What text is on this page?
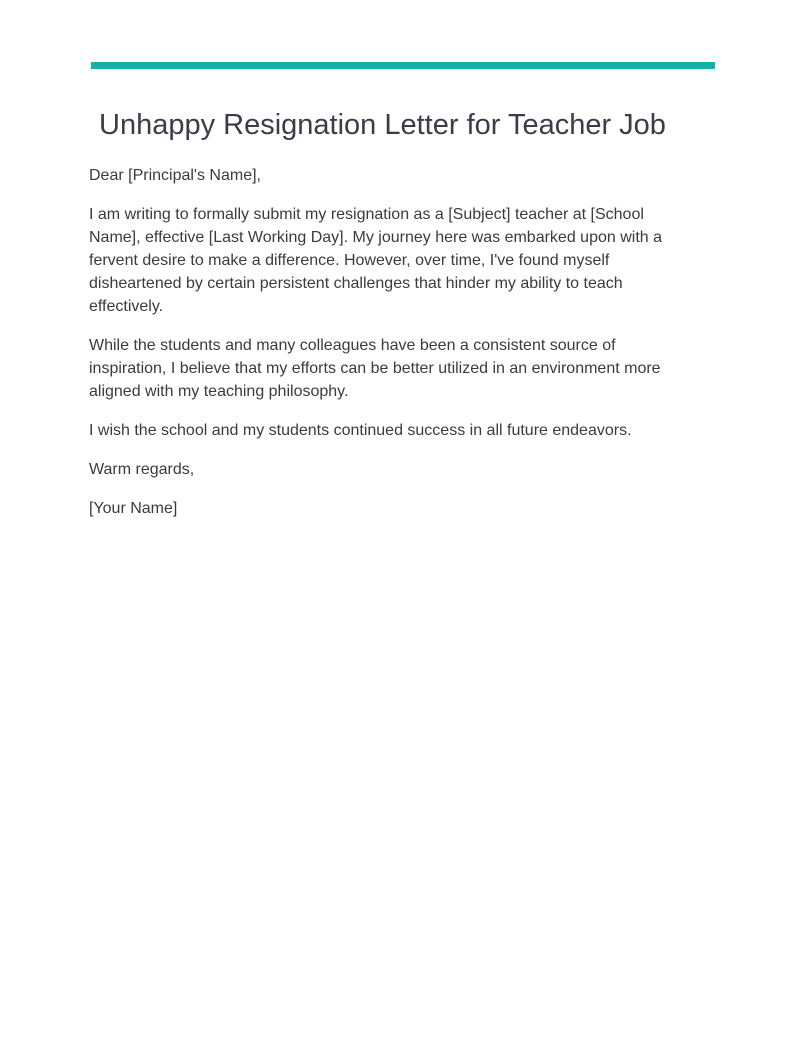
Unhappy Resignation Letter for Teacher Job

Dear [Principal's Name],

I am writing to formally submit my resignation as a [Subject] teacher at [School Name], effective [Last Working Day]. My journey here was embarked upon with a fervent desire to make a difference. However, over time, I've found myself disheartened by certain persistent challenges that hinder my ability to teach effectively.

While the students and many colleagues have been a consistent source of inspiration, I believe that my efforts can be better utilized in an environment more aligned with my teaching philosophy.

I wish the school and my students continued success in all future endeavors.

Warm regards,

[Your Name]
